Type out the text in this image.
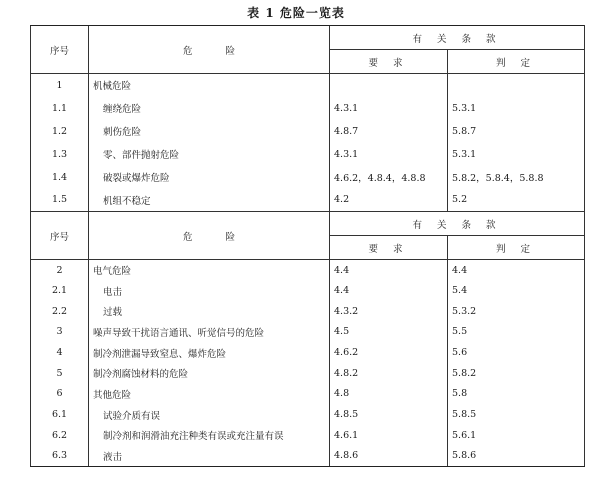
表 1 危险一览表
序号	危 险	有 关 条 款	
		要 求	判 定
1	机械危险		
1.1	缠绕危险	4.3.1	5.3.1
1.2	刺伤危险	4.8.7	5.8.7
1.3	零、部件抛射危险	4.3.1	5.3.1
1.4	破裂或爆炸危险	4.6.2，4.8.4，4.8.8	5.8.2，5.8.4，5.8.8
1.5	机组不稳定	4.2	5.2
序号	危 险	有 关 条 款	
		要 求	判 定
2	电气危险	4.4	4.4
2.1	电击	4.4	5.4
2.2	过载	4.3.2	5.3.2
3	噪声导致干扰语言通讯、听觉信号的危险	4.5	5.5
4	制冷剂泄漏导致窒息、爆炸危险	4.6.2	5.6
5	制冷剂腐蚀材料的危险	4.8.2	5.8.2
6	其他危险	4.8	5.8
6.1	试验介质有误	4.8.5	5.8.5
6.2	制冷剂和润滑油充注种类有误或充注量有误	4.6.1	5.6.1
6.3	液击	4.8.6	5.8.6
